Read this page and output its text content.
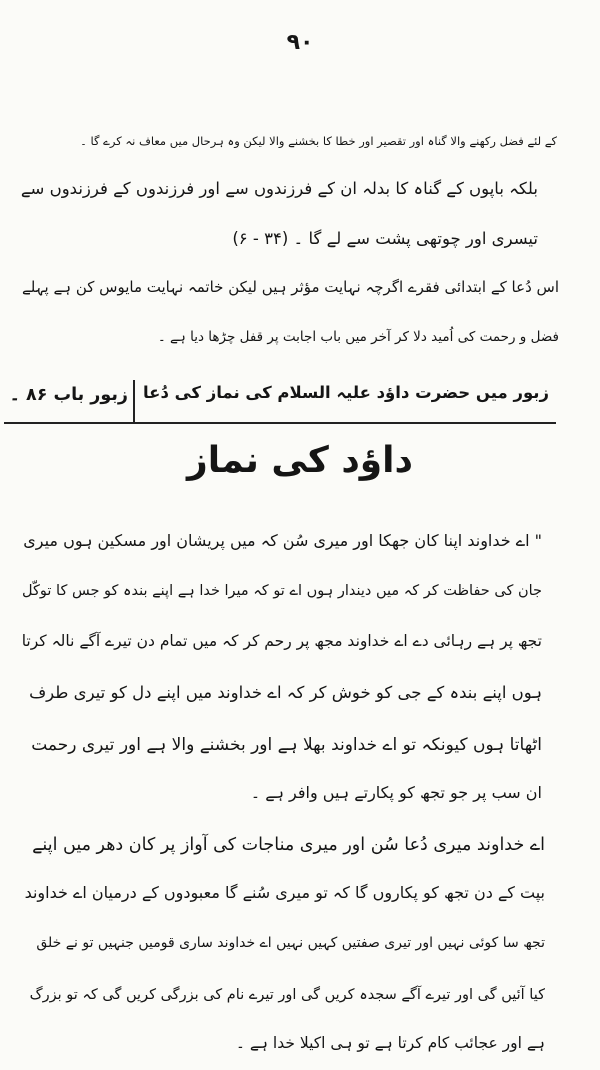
۹۰
کے لئے فضل رکھنے والا گناہ اور تقصیر اور خطا کا بخشنے والا لیکن وہ ہرحال میں معاف نہ کرے گا ۔
بلکہ باپوں کے گناہ کا بدلہ ان کے فرزندوں سے اور فرزندوں کے فرزندوں سے
تیسری اور چوتھی پشت سے لے گا ۔ (۳۴ - ۶)
اس دُعا کے ابتدائی فقرے اگرچہ نہایت مؤثر ہیں لیکن خاتمہ نہایت مایوس کن ہے پہلے
فضل و رحمت کی اُمید دلا کر آخر میں باب اجابت پر قفل چڑھا دیا ہے ۔
زبور میں حضرت داؤد علیہ السلام کی نماز کی دُعا
زبور باب ۸۶ ۔
داؤد کی نماز
" اے خداوند اپنا کان جھکا اور میری سُن کہ میں پریشان اور مسکین ہوں میری
جان کی حفاظت کر کہ میں دیندار ہوں اے تو کہ میرا خدا ہے اپنے بندہ کو جس کا توکّل
تجھ پر ہے رہائی دے اے خداوند مجھ پر رحم کر کہ میں تمام دن تیرے آگے نالہ کرتا
ہوں اپنے بندہ کے جی کو خوش کر کہ اے خداوند میں اپنے دل کو تیری طرف
اٹھاتا ہوں کیونکہ تو اے خداوند بھلا ہے اور بخشنے والا ہے اور تیری رحمت
ان سب پر جو تجھ کو پکارتے ہیں وافر ہے ۔
اے خداوند میری دُعا سُن اور میری مناجات کی آواز پر کان دھر میں اپنے
بپت کے دن تجھ کو پکاروں گا کہ تو میری سُنے گا معبودوں کے درمیان اے خداوند
تجھ سا کوئی نہیں اور تیری صفتیں کہیں نہیں اے خداوند ساری قومیں جنہیں تو نے خلق
کیا آئیں گی اور تیرے آگے سجدہ کریں گی اور تیرے نام کی بزرگی کریں گی کہ تو بزرگ
ہے اور عجائب کام کرتا ہے تو ہی اکیلا خدا ہے ۔
